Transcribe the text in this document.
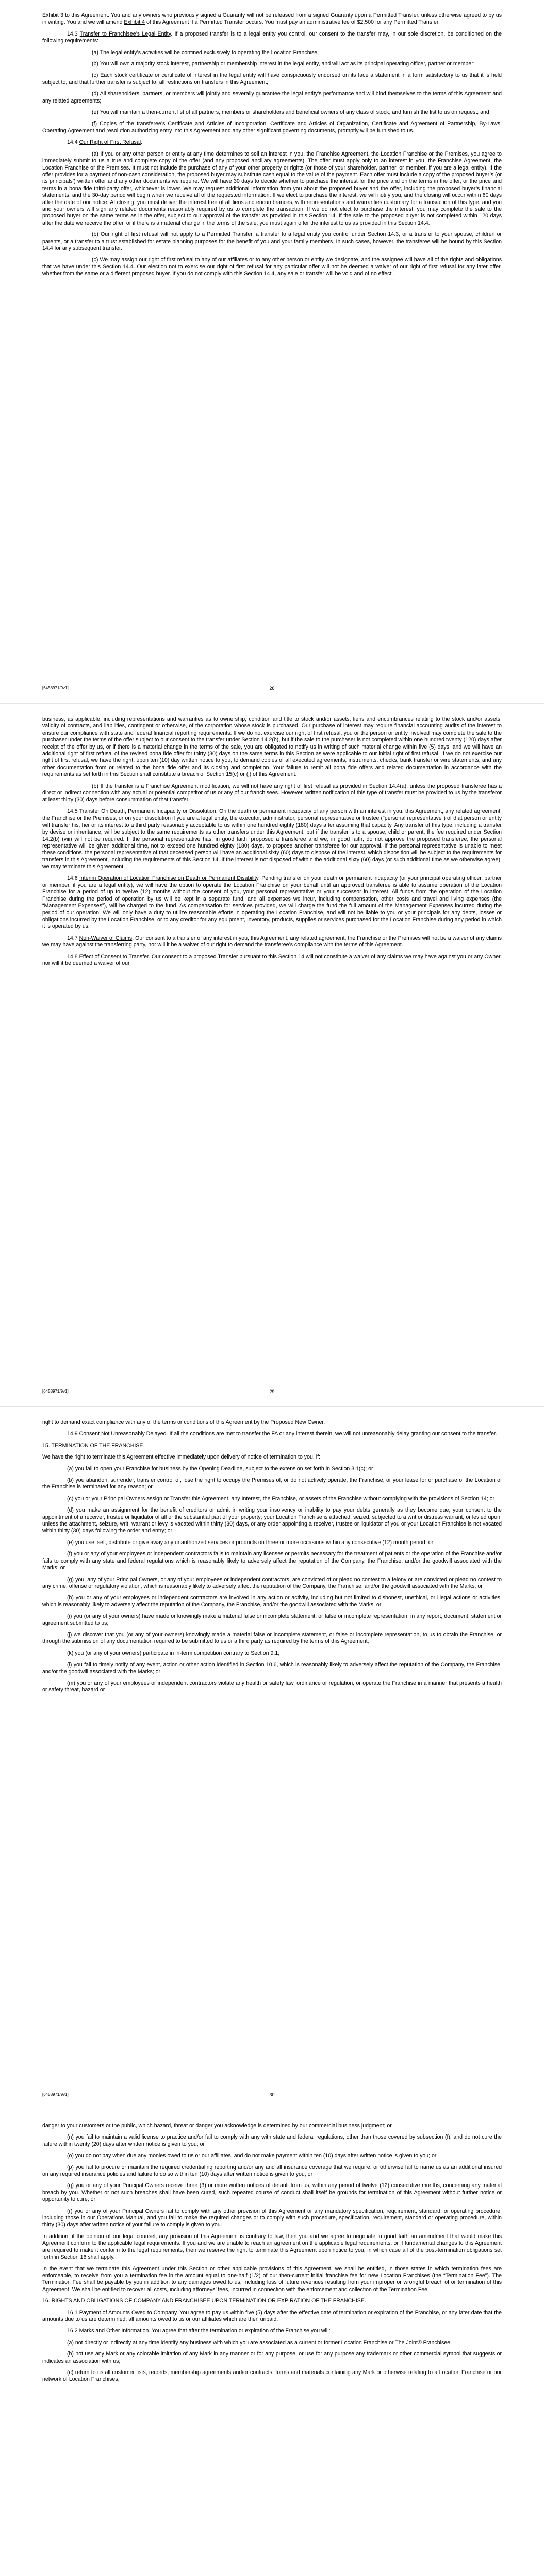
Exhibit 3 to this Agreement. You and any owners who previously signed a Guaranty will not be released from a signed Guaranty upon a Permitted Transfer, unless otherwise agreed to by us in writing. You and we will amend Exhibit 4 of this Agreement if a Permitted Transfer occurs. You must pay an administrative fee of $2,500 for any Permitted Transfer.

14.3 Transfer to Franchisee’s Legal Entity. If a proposed transfer is to a legal entity you control, our consent to the transfer may, in our sole discretion, be conditioned on the following requirements:

(a) The legal entity’s activities will be confined exclusively to operating the Location Franchise;

(b) You will own a majority stock interest, partnership or membership interest in the legal entity, and will act as its principal operating officer, partner or member;

(c) Each stock certificate or certificate of interest in the legal entity will have conspicuously endorsed on its face a statement in a form satisfactory to us that it is held subject to, and that further transfer is subject to, all restrictions on transfers in this Agreement;

(d) All shareholders, partners, or members will jointly and severally guarantee the legal entity’s performance and will bind themselves to the terms of this Agreement and any related agreements;

(e) You will maintain a then-current list of all partners, members or shareholders and beneficial owners of any class of stock, and furnish the list to us on request; and

(f) Copies of the transferee’s Certificate and Articles of Incorporation, Certificate and Articles of Organization, Certificate and Agreement of Partnership, By-Laws, Operating Agreement and resolution authorizing entry into this Agreement and any other significant governing documents, promptly will be furnished to us.

14.4 Our Right of First Refusal.

(a) If you or any other person or entity at any time determines to sell an interest in you, the Franchise Agreement, the Location Franchise or the Premises, you agree to immediately submit to us a true and complete copy of the offer (and any proposed ancillary agreements). The offer must apply only to an interest in you, the Franchise Agreement, the Location Franchise or the Premises. It must not include the purchase of any of your other property or rights (or those of your shareholder, partner, or member, if you are a legal entity). If the offer provides for a payment of non-cash consideration, the proposed buyer may substitute cash equal to the value of the payment. Each offer must include a copy of the proposed buyer’s (or its principals’) written offer and any other documents we require. We will have 30 days to decide whether to purchase the interest for the price and on the terms in the offer, or the price and terms in a bona fide third-party offer, whichever is lower. We may request additional information from you about the proposed buyer and the offer, including the proposed buyer’s financial statements, and the 30-day period will begin when we receive all of the requested information. If we elect to purchase the interest, we will notify you, and the closing will occur within 60 days after the date of our notice. At closing, you must deliver the interest free of all liens and encumbrances, with representations and warranties customary for a transaction of this type, and you and your owners will sign any related documents reasonably required by us to complete the transaction. If we do not elect to purchase the interest, you may complete the sale to the proposed buyer on the same terms as in the offer, subject to our approval of the transfer as provided in this Section 14. If the sale to the proposed buyer is not completed within 120 days after the date we receive the offer, or if there is a material change in the terms of the sale, you must again offer the interest to us as provided in this Section 14.4.

(b) Our right of first refusal will not apply to a Permitted Transfer, a transfer to a legal entity you control under Section 14.3, or a transfer to your spouse, children or parents, or a transfer to a trust established for estate planning purposes for the benefit of you and your family members. In such cases, however, the transferee will be bound by this Section 14.4 for any subsequent transfer.

(c) We may assign our right of first refusal to any of our affiliates or to any other person or entity we designate, and the assignee will have all of the rights and obligations that we have under this Section 14.4. Our election not to exercise our right of first refusal for any particular offer will not be deemed a waiver of our right of first refusal for any later offer, whether from the same or a different proposed buyer. If you do not comply with this Section 14.4, any sale or transfer will be void and of no effect.

[6458971/9v1]	28

business, as applicable, including representations and warranties as to ownership, condition and title to stock and/or assets, liens and encumbrances relating to the stock and/or assets, validity of contracts, and liabilities, contingent or otherwise, of the corporation whose stock is purchased. Our purchase of interest may require financial accounting audits of the interest to ensure our compliance with state and federal financial reporting requirements. If we do not exercise our right of first refusal, you or the person or entity involved may complete the sale to the purchaser under the terms of the offer subject to our consent to the transfer under Section 14.2(b), but if the sale to the purchaser is not completed within one hundred twenty (120) days after receipt of the offer by us, or if there is a material change in the terms of the sale, you are obligated to notify us in writing of such material change within five (5) days, and we will have an additional right of first refusal of the revised bona fide offer for thirty (30) days on the same terms in this Section as were applicable to our initial right of first refusal. If we do not exercise our right of first refusal, we have the right, upon ten (10) day written notice to you, to demand copies of all executed agreements, instruments, checks, bank transfer or wire statements, and any other documentation from or related to the bona fide offer and its closing and completion. Your failure to remit all bona fide offers and related documentation in accordance with the requirements as set forth in this Section shall constitute a breach of Section 15(c) or (j) of this Agreement.

(b) If the transfer is a Franchise Agreement modification, we will not have any right of first refusal as provided in Section 14.4(a), unless the proposed transferee has a direct or indirect connection with any actual or potential competitor of us or any of our franchisees. However, written notification of this type of transfer must be provided to us by the transferor at least thirty (30) days before consummation of that transfer.

14.5 Transfer On Death, Permanent Incapacity or Dissolution. On the death or permanent incapacity of any person with an interest in you, this Agreement, any related agreement, the Franchise or the Premises, or on your dissolution if you are a legal entity, the executor, administrator, personal representative or trustee ("personal representative") of that person or entity will transfer his, her or its interest to a third party reasonably acceptable to us within one hundred eighty (180) days after assuming that capacity. Any transfer of this type, including a transfer by devise or inheritance, will be subject to the same requirements as other transfers under this Agreement, but if the transfer is to a spouse, child or parent, the fee required under Section 14.2(b) (viii) will not be required. If the personal representative has, in good faith, proposed a transferee and we, in good faith, do not approve the proposed transferee, the personal representative will be given additional time, not to exceed one hundred eighty (180) days, to propose another transferee for our approval. If the personal representative is unable to meet these conditions, the personal representative of that deceased person will have an additional sixty (60) days to dispose of the interest, which disposition will be subject to the requirements for transfers in this Agreement, including the requirements of this Section 14. If the interest is not disposed of within the additional sixty (60) days (or such additional time as we otherwise agree), we may terminate this Agreement.

14.6 Interim Operation of Location Franchise on Death or Permanent Disability. Pending transfer on your death or permanent incapacity (or your principal operating officer, partner or member, if you are a legal entity), we will have the option to operate the Location Franchise on your behalf until an approved transferee is able to assume operation of the Location Franchise for a period of up to twelve (12) months without the consent of you, your personal representative or your successor in interest. All funds from the operation of the Location Franchise during the period of operation by us will be kept in a separate fund, and all expenses we incur, including compensation, other costs and travel and living expenses (the “Management Expenses”), will be charged to the fund. As compensation for services provided, we will charge the fund the full amount of the Management Expenses incurred during the period of our operation. We will only have a duty to utilize reasonable efforts in operating the Location Franchise, and will not be liable to you or your principals for any debts, losses or obligations incurred by the Location Franchise, or to any creditor for any equipment, inventory, products, supplies or services purchased for the Location Franchise during any period in which it is operated by us.

14.7 Non-Waiver of Claims. Our consent to a transfer of any interest in you, this Agreement, any related agreement, the Franchise or the Premises will not be a waiver of any claims we may have against the transferring party, nor will it be a waiver of our right to demand the transferee’s compliance with the terms of this Agreement.

14.8 Effect of Consent to Transfer. Our consent to a proposed Transfer pursuant to this Section 14 will not constitute a waiver of any claims we may have against you or any Owner, nor will it be deemed a waiver of our

[6458971/9v1]	29

right to demand exact compliance with any of the terms or conditions of this Agreement by the Proposed New Owner.

14.9 Consent Not Unreasonably Delayed. If all the conditions are met to transfer the FA or any interest therein, we will not unreasonably delay granting our consent to the transfer.

15. TERMINATION OF THE FRANCHISE.

We have the right to terminate this Agreement effective immediately upon delivery of notice of termination to you, if:

(a) you fail to open your Franchise for business by the Opening Deadline, subject to the extension set forth in Section 3.1(c); or

(b) you abandon, surrender, transfer control of, lose the right to occupy the Premises of, or do not actively operate, the Franchise, or your lease for or purchase of the Location of the Franchise is terminated for any reason; or

(c) you or your Principal Owners assign or Transfer this Agreement, any Interest, the Franchise, or assets of the Franchise without complying with the provisions of Section 14; or

(d) you make an assignment for the benefit of creditors or admit in writing your insolvency or inability to pay your debts generally as they become due; your consent to the appointment of a receiver, trustee or liquidator of all or the substantial part of your property; your Location Franchise is attached, seized, subjected to a writ or distress warrant, or levied upon, unless the attachment, seizure, writ, warrant or levy is vacated within thirty (30) days, or any order appointing a receiver, trustee or liquidator of you or your Location Franchise is not vacated within thirty (30) days following the order and entry; or

(e) you use, sell, distribute or give away any unauthorized services or products on three or more occasions within any consecutive (12) month period; or

(f) you or any of your employees or independent contractors fails to maintain any licenses or permits necessary for the treatment of patients or the operation of the Franchise and/or fails to comply with any state and federal regulations which is reasonably likely to adversely affect the reputation of the Company, the Franchise, and/or the goodwill associated with the Marks; or

(g) you, any of your Principal Owners, or any of your employees or independent contractors, are convicted of or plead no contest to a felony or are convicted or plead no contest to any crime, offense or regulatory violation, which is reasonably likely to adversely affect the reputation of the Company, the Franchise, and/or the goodwill associated with the Marks; or

(h) you or any of your employees or independent contractors are involved in any action or activity, including but not limited to dishonest, unethical, or illegal actions or activities, which is reasonably likely to adversely affect the reputation of the Company, the Franchise, and/or the goodwill associated with the Marks; or

(i) you (or any of your owners) have made or knowingly make a material false or incomplete statement, or false or incomplete representation, in any report, document, statement or agreement submitted to us;

(j) we discover that you (or any of your owners) knowingly made a material false or incomplete statement, or false or incomplete representation, to us to obtain the Franchise, or through the submission of any documentation required to be submitted to us or a third party as required by the terms of this Agreement;

(k) you (or any of your owners) participate in in-term competition contrary to Section 9.1;

(l) you fail to timely notify of any event, action or other action identified in Section 10.6, which is reasonably likely to adversely affect the reputation of the Company, the Franchise, and/or the goodwill associated with the Marks; or

(m) you or any of your employees or independent contractors violate any health or safety law, ordinance or regulation, or operate the Franchise in a manner that presents a health or safety threat, hazard or

[6458971/9v1]	30

danger to your customers or the public, which hazard, threat or danger you acknowledge is determined by our commercial business judgment; or

(n) you fail to maintain a valid license to practice and/or fail to comply with any with state and federal regulations, other than those covered by subsection (f), and do not cure the failure within twenty (20) days after written notice is given to you; or

(o) you do not pay when due any monies owed to us or our affiliates, and do not make payment within ten (10) days after written notice is given to you; or

(p) you fail to procure or maintain the required credentialing reporting and/or any and all insurance coverage that we require, or otherwise fail to name us as an additional insured on any required insurance policies and failure to do so within ten (10) days after written notice is given to you; or

(q) you or any of your Principal Owners receive three (3) or more written notices of default from us, within any period of twelve (12) consecutive months, concerning any material breach by you. Whether or not such breaches shall have been cured, such repeated course of conduct shall itself be grounds for termination of this Agreement without further notice or opportunity to cure; or

(r) you or any of your Principal Owners fail to comply with any other provision of this Agreement or any mandatory specification, requirement, standard, or operating procedure, including those in our Operations Manual, and you fail to make the required changes or to comply with such procedure, specification, requirement, standard or operating procedure, within thirty (30) days after written notice of your failure to comply is given to you.

In addition, if the opinion of our legal counsel, any provision of this Agreement is contrary to law, then you and we agree to negotiate in good faith an amendment that would make this Agreement conform to the applicable legal requirements. If you and we are unable to reach an agreement on the applicable legal requirements, or if fundamental changes to this Agreement are required to make it conform to the legal requirements, then we reserve the right to terminate this Agreement upon notice to you, in which case all of the post-termination obligations set forth in Section 16 shall apply.

In the event that we terminate this Agreement under this Section or other applicable provisions of this Agreement, we shall be entitled, in those states in which termination fees are enforceable, to receive from you a termination fee in the amount equal to one-half (1/2) of our then-current initial franchise fee for new Location Franchises (the “Termination Fee”). The Termination Fee shall be payable by you in addition to any damages owed to us, including loss of future revenues resulting from your improper or wrongful breach of or termination of this Agreement. We shall be entitled to recover all costs, including attorneys’ fees, incurred in connection with the enforcement and collection of the Termination Fee.

16. RIGHTS AND OBLIGATIONS OF COMPANY AND FRANCHISEE UPON TERMINATION OR EXPIRATION OF THE FRANCHISE.

16.1 Payment of Amounts Owed to Company. You agree to pay us within five (5) days after the effective date of termination or expiration of the Franchise, or any later date that the amounts due to us are determined, all amounts owed to us or our affiliates which are then unpaid.

16.2 Marks and Other Information. You agree that after the termination or expiration of the Franchise you will:

(a) not directly or indirectly at any time identify any business with which you are associated as a current or former Location Franchise or The Joint® Franchisee;

(b) not use any Mark or any colorable imitation of any Mark in any manner or for any purpose, or use for any purpose any trademark or other commercial symbol that suggests or indicates an association with us;

(c) return to us all customer lists, records, membership agreements and/or contracts, forms and materials containing any Mark or otherwise relating to a Location Franchise or our network of Location Franchises;
